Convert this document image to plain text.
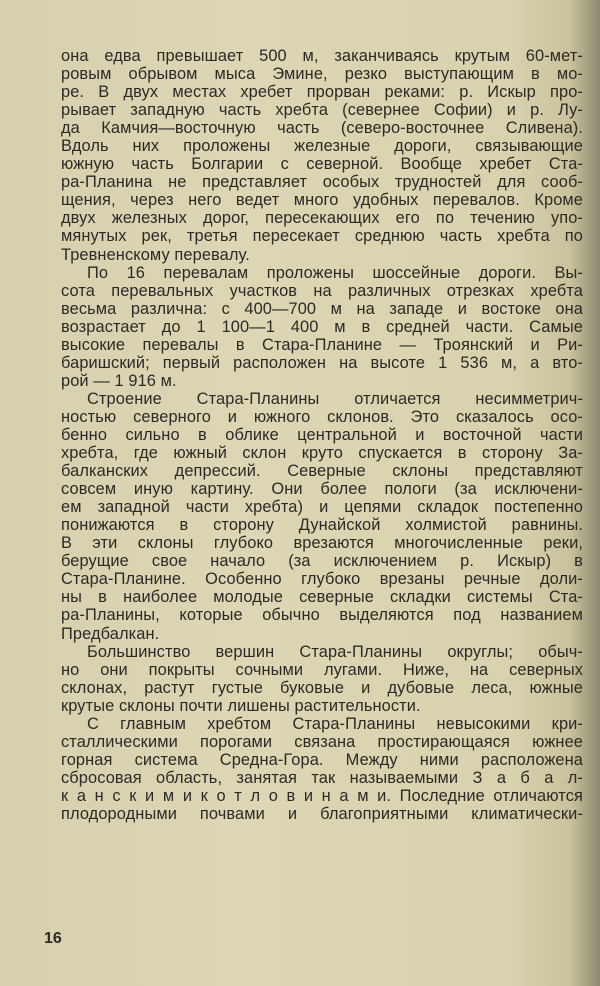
она едва превышает 500 м, заканчиваясь крутым 60-мет-
ровым обрывом мыса Эмине, резко выступающим в мо-
ре. В двух местах хребет прорван реками: р. Искыр про-
рывает западную часть хребта (севернее Софии) и р. Лу-
да Камчия—восточную часть (северо-восточнее Сливена).
Вдоль них проложены железные дороги, связывающие
южную часть Болгарии с северной. Вообще хребет Ста-
ра-Планина не представляет особых трудностей для сооб-
щения, через него ведет много удобных перевалов. Кроме
двух железных дорог, пересекающих его по течению упо-
мянутых рек, третья пересекает среднюю часть хребта по
Тревненскому перевалу.
По 16 перевалам проложены шоссейные дороги. Вы-
сота перевальных участков на различных отрезках хребта
весьма различна: с 400—700 м на западе и востоке она
возрастает до 1 100—1 400 м в средней части. Самые
высокие перевалы в Стара-Планине — Троянский и Ри-
баришский; первый расположен на высоте 1 536 м, а вто-
рой — 1 916 м.
Строение Стара-Планины отличается несимметрич-
ностью северного и южного склонов. Это сказалось осо-
бенно сильно в облике центральной и восточной части
хребта, где южный склон круто спускается в сторону За-
балканских депрессий. Северные склоны представляют
совсем иную картину. Они более пологи (за исключени-
ем западной части хребта) и цепями складок постепенно
понижаются в сторону Дунайской холмистой равнины.
В эти склоны глубоко врезаются многочисленные реки,
берущие свое начало (за исключением р. Искыр) в
Стара-Планине. Особенно глубоко врезаны речные доли-
ны в наиболее молодые северные складки системы Ста-
ра-Планины, которые обычно выделяются под названием
Предбалкан.
Большинство вершин Стара-Планины округлы; обыч-
но они покрыты сочными лугами. Ниже, на северных
склонах, растут густые буковые и дубовые леса, южные
крутые склоны почти лишены растительности.
С главным хребтом Стара-Планины невысокими кри-
сталлическими порогами связана простирающаяся южнее
горная система Средна-Гора. Между ними расположена
сбросовая область, занятая так называемыми З а б а л-
к а н с к и м и к о т л о в и н а м и. Последние отличаются
плодородными почвами и благоприятными климатически-
16
